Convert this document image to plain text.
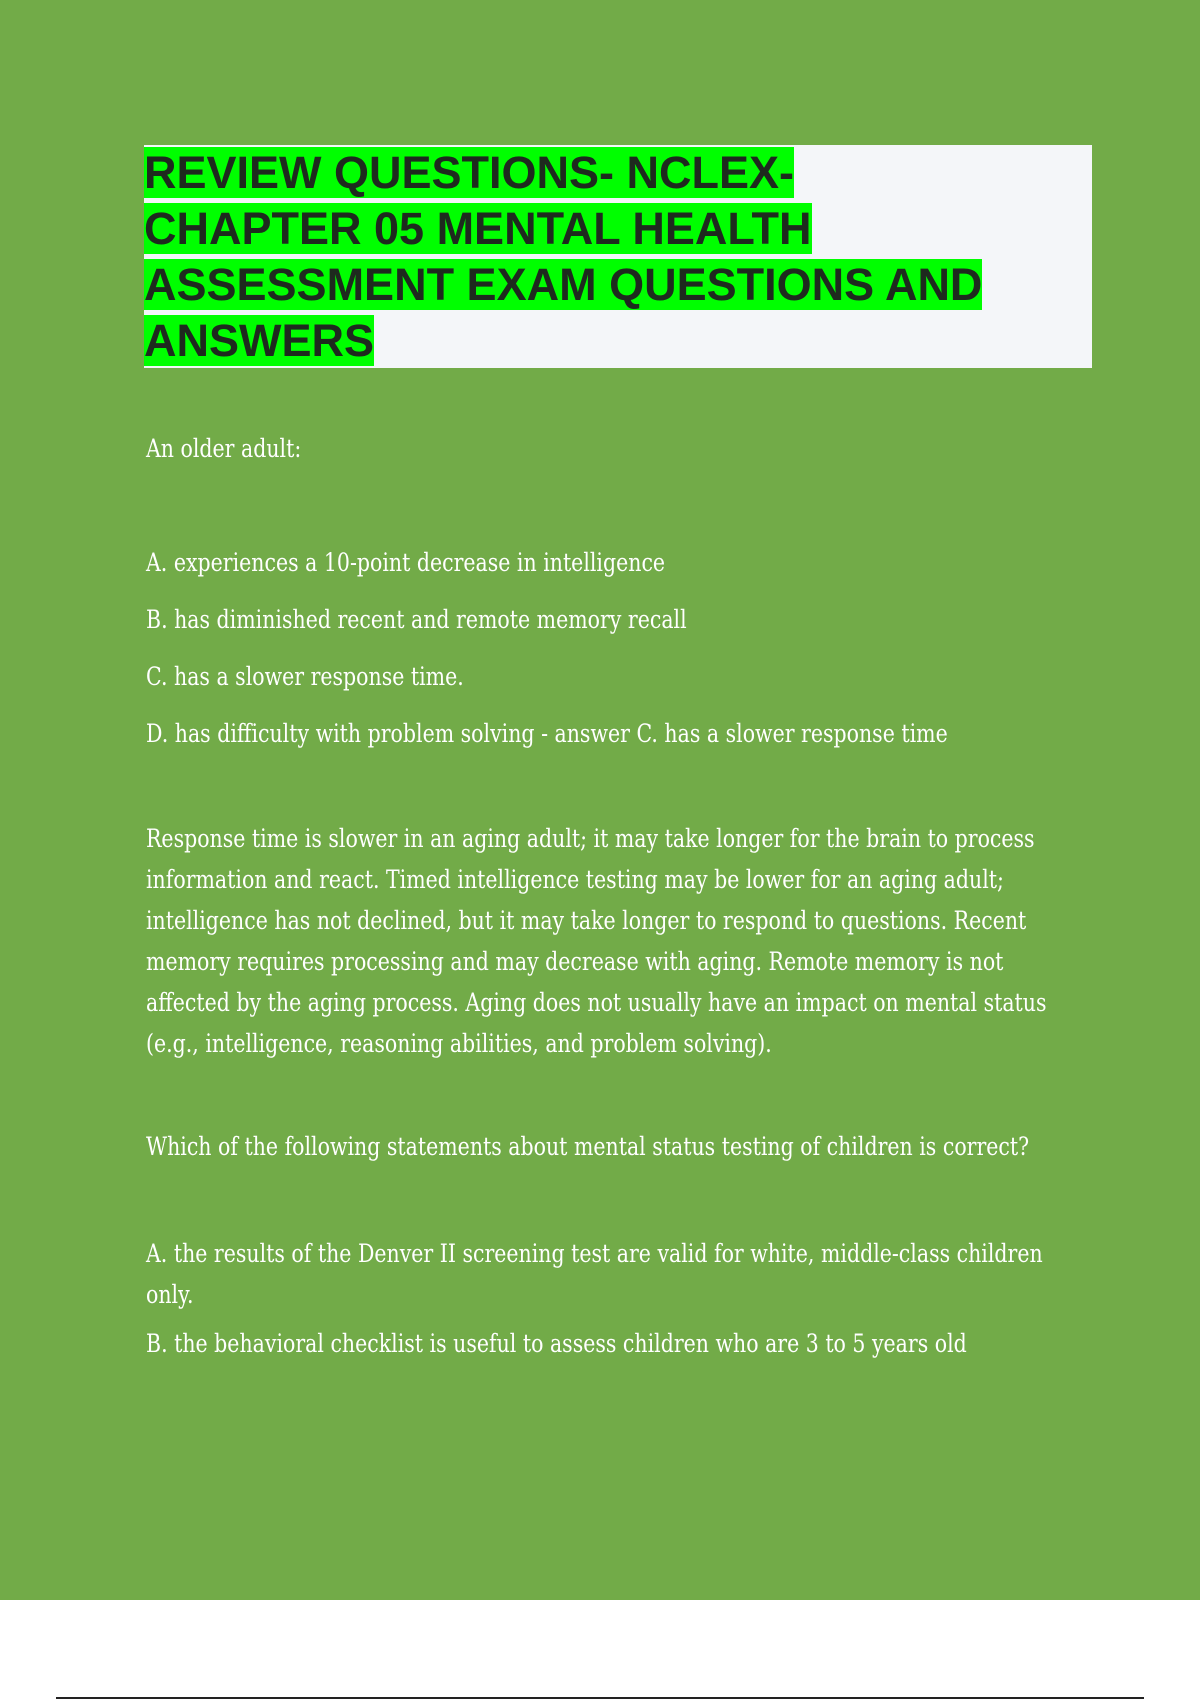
REVIEW QUESTIONS- NCLEX-
CHAPTER 05 MENTAL HEALTH
ASSESSMENT EXAM QUESTIONS AND
ANSWERS

An older adult:

A. experiences a 10-point decrease in intelligence

B. has diminished recent and remote memory recall

C. has a slower response time.

D. has difficulty with problem solving - answer C. has a slower response time

Response time is slower in an aging adult; it may take longer for the brain to process information and react. Timed intelligence testing may be lower for an aging adult; intelligence has not declined, but it may take longer to respond to questions. Recent memory requires processing and may decrease with aging. Remote memory is not affected by the aging process. Aging does not usually have an impact on mental status (e.g., intelligence, reasoning abilities, and problem solving).

Which of the following statements about mental status testing of children is correct?

A. the results of the Denver II screening test are valid for white, middle-class children only.

B. the behavioral checklist is useful to assess children who are 3 to 5 years old
